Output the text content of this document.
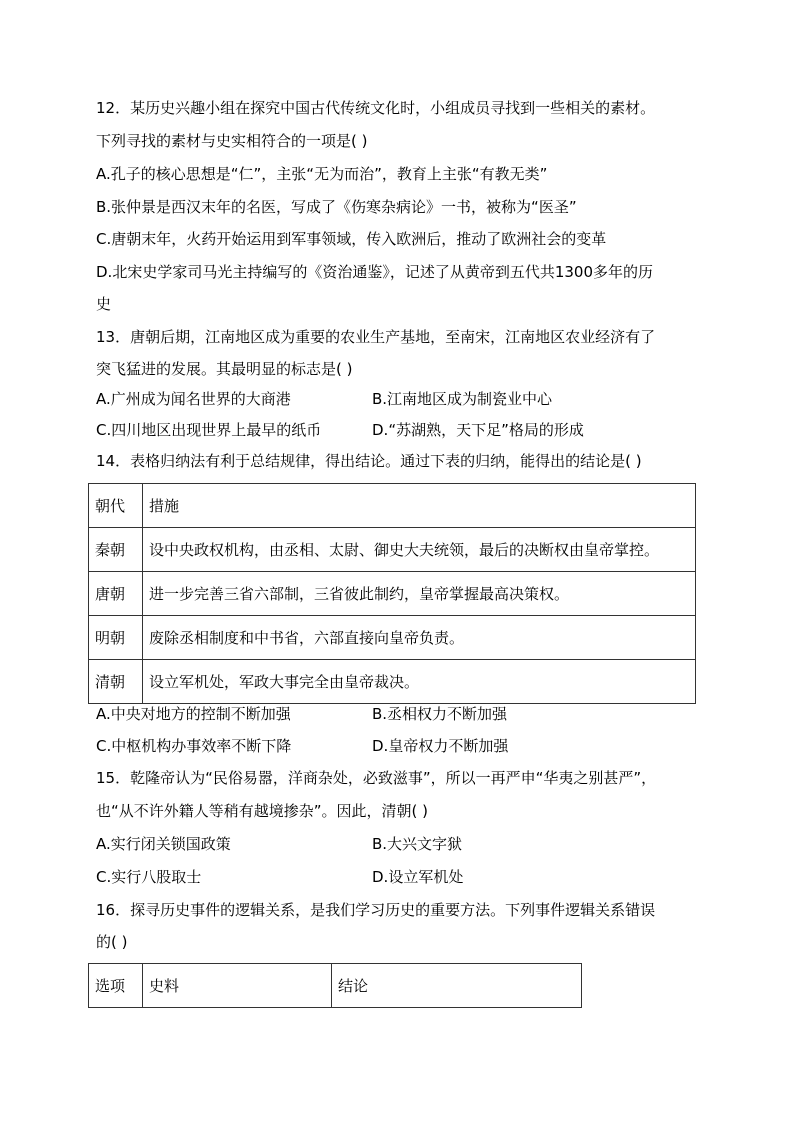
12．某历史兴趣小组在探究中国古代传统文化时，小组成员寻找到一些相关的素材。
下列寻找的素材与史实相符合的一项是( )
A.孔子的核心思想是“仁”，主张“无为而治”，教育上主张“有教无类”
B.张仲景是西汉末年的名医，写成了《伤寒杂病论》一书，被称为“医圣”
C.唐朝末年，火药开始运用到军事领域，传入欧洲后，推动了欧洲社会的变革
D.北宋史学家司马光主持编写的《资治通鉴》，记述了从黄帝到五代共1300多年的历
史
13．唐朝后期，江南地区成为重要的农业生产基地，至南宋，江南地区农业经济有了
突飞猛进的发展。其最明显的标志是( )
A.广州成为闻名世界的大商港	B.江南地区成为制瓷业中心
C.四川地区出现世界上最早的纸币	D.“苏湖熟，天下足”格局的形成
14．表格归纳法有利于总结规律，得出结论。通过下表的归纳，能得出的结论是( )
朝代	措施
秦朝	设中央政权机构，由丞相、太尉、御史大夫统领，最后的决断权由皇帝掌控。
唐朝	进一步完善三省六部制，三省彼此制约，皇帝掌握最高决策权。
明朝	废除丞相制度和中书省，六部直接向皇帝负责。
清朝	设立军机处，军政大事完全由皇帝裁决。
A.中央对地方的控制不断加强	B.丞相权力不断加强
C.中枢机构办事效率不断下降	D.皇帝权力不断加强
15．乾隆帝认为“民俗易嚣，洋商杂处，必致滋事”，所以一再严申“华夷之别甚严”，
也“从不许外籍人等稍有越境掺杂”。因此，清朝( )
A.实行闭关锁国政策	B.大兴文字狱
C.实行八股取士	D.设立军机处
16．探寻历史事件的逻辑关系，是我们学习历史的重要方法。下列事件逻辑关系错误
的( )
选项	史料	结论
